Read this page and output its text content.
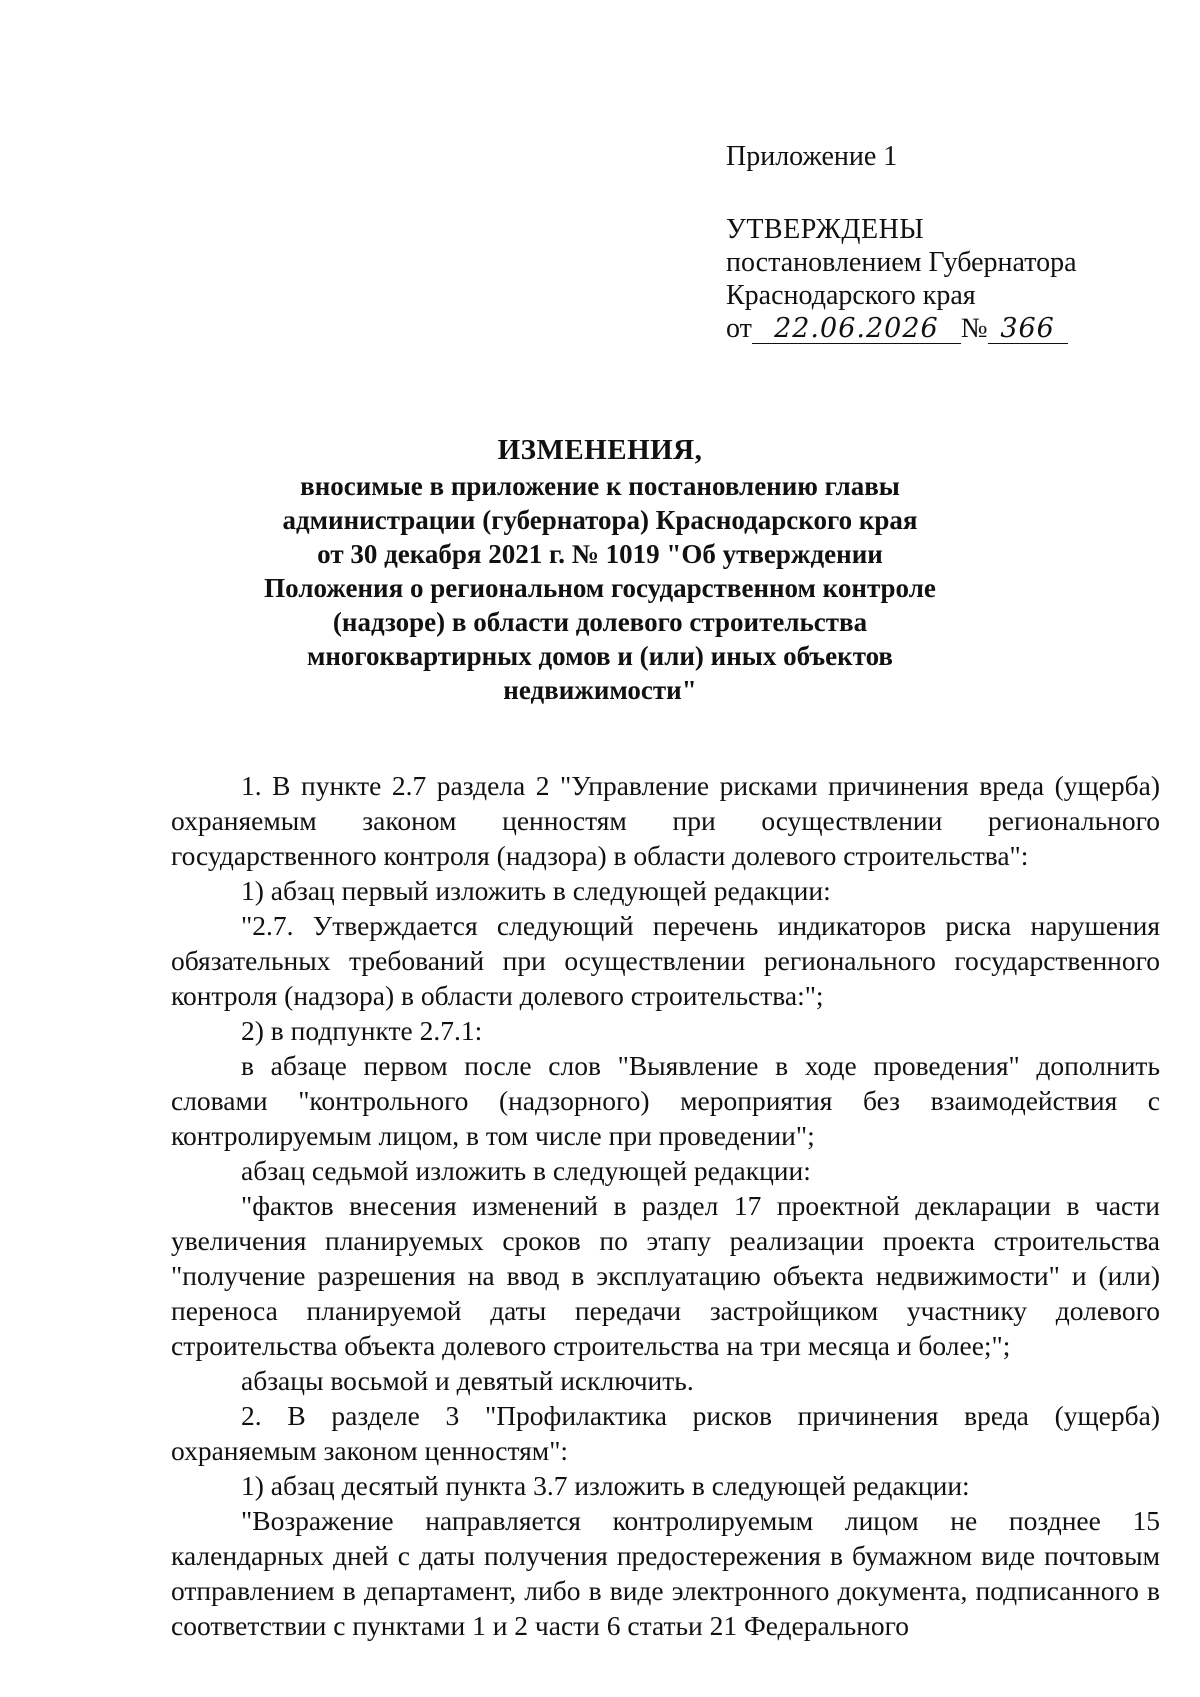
Приложение 1
УТВЕРЖДЕНЫ
постановлением Губернатора
Краснодарского края
от 22.06.2026 № 366
ИЗМЕНЕНИЯ,
вносимые в приложение к постановлению главы
администрации (губернатора) Краснодарского края
от 30 декабря 2021 г. № 1019 "Об утверждении
Положения о региональном государственном контроле
(надзоре) в области долевого строительства
многоквартирных домов и (или) иных объектов
недвижимости"

1. В пункте 2.7 раздела 2 "Управление рисками причинения вреда (ущерба) охраняемым законом ценностям при осуществлении регионального государственного контроля (надзора) в области долевого строительства":

1) абзац первый изложить в следующей редакции:

"2.7. Утверждается следующий перечень индикаторов риска нарушения обязательных требований при осуществлении регионального государственного контроля (надзора) в области долевого строительства:";

2) в подпункте 2.7.1:

в абзаце первом после слов "Выявление в ходе проведения" дополнить словами "контрольного (надзорного) мероприятия без взаимодействия с контролируемым лицом, в том числе при проведении";

абзац седьмой изложить в следующей редакции:

"фактов внесения изменений в раздел 17 проектной декларации в части увеличения планируемых сроков по этапу реализации проекта строительства "получение разрешения на ввод в эксплуатацию объекта недвижимости" и (или) переноса планируемой даты передачи застройщиком участнику долевого строительства объекта долевого строительства на три месяца и более;";

абзацы восьмой и девятый исключить.

2. В разделе 3 "Профилактика рисков причинения вреда (ущерба) охраняемым законом ценностям":

1) абзац десятый пункта 3.7 изложить в следующей редакции:

"Возражение направляется контролируемым лицом не позднее 15 календарных дней с даты получения предостережения в бумажном виде почтовым отправлением в департамент, либо в виде электронного документа, подписанного в соответствии с пунктами 1 и 2 части 6 статьи 21 Федерального
